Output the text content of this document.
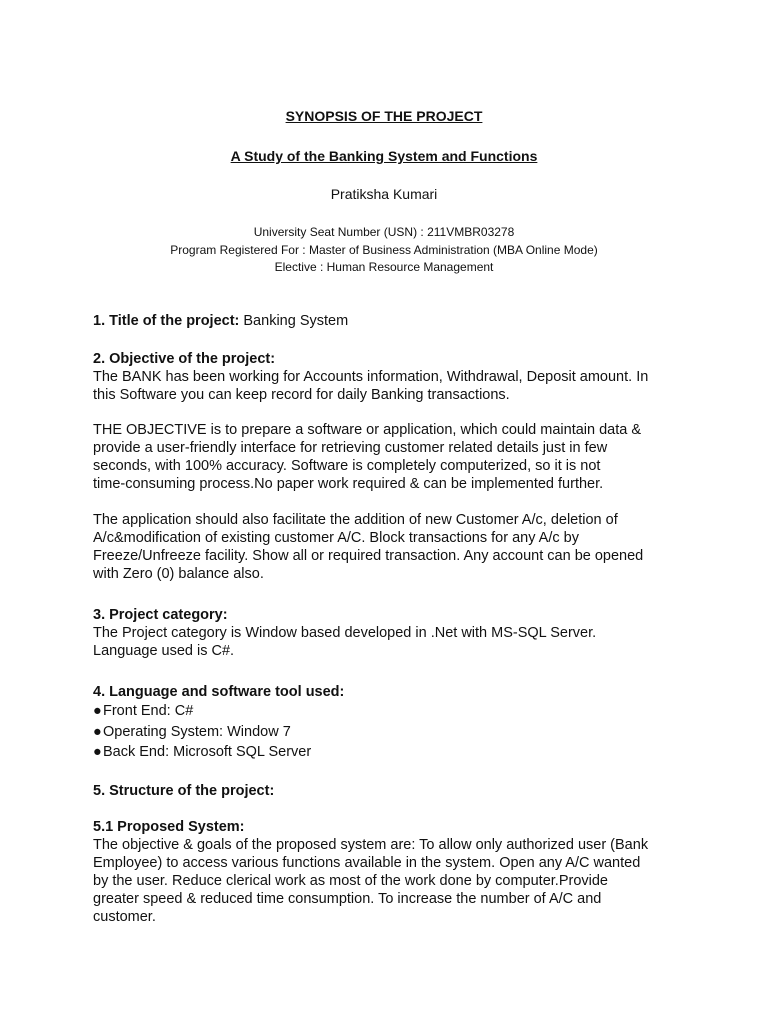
SYNOPSIS OF THE PROJECT
A Study of the Banking System and Functions
Pratiksha Kumari
University Seat Number (USN) : 211VMBR03278
Program Registered For : Master of Business Administration (MBA Online Mode)
Elective : Human Resource Management
1. Title of the project: Banking System
2. Objective of the project:
The BANK has been working for Accounts information, Withdrawal, Deposit amount. In
this Software you can keep record for daily Banking transactions.
THE OBJECTIVE is to prepare a software or application, which could maintain data &
provide a user-friendly interface for retrieving customer related details just in few
seconds, with 100% accuracy. Software is completely computerized, so it is not
time-consuming process.No paper work required & can be implemented further.
The application should also facilitate the addition of new Customer A/c, deletion of
A/c&modification of existing customer A/C. Block transactions for any A/c by
Freeze/Unfreeze facility. Show all or required transaction. Any account can be opened
with Zero (0) balance also.
3. Project category:
The Project category is Window based developed in .Net with MS-SQL Server.
Language used is C#.
4. Language and software tool used:
●Front End: C#
●Operating System: Window 7
●Back End: Microsoft SQL Server
5. Structure of the project:
5.1 Proposed System:
The objective & goals of the proposed system are: To allow only authorized user (Bank
Employee) to access various functions available in the system. Open any A/C wanted
by the user. Reduce clerical work as most of the work done by computer.Provide
greater speed & reduced time consumption. To increase the number of A/C and
customer.
